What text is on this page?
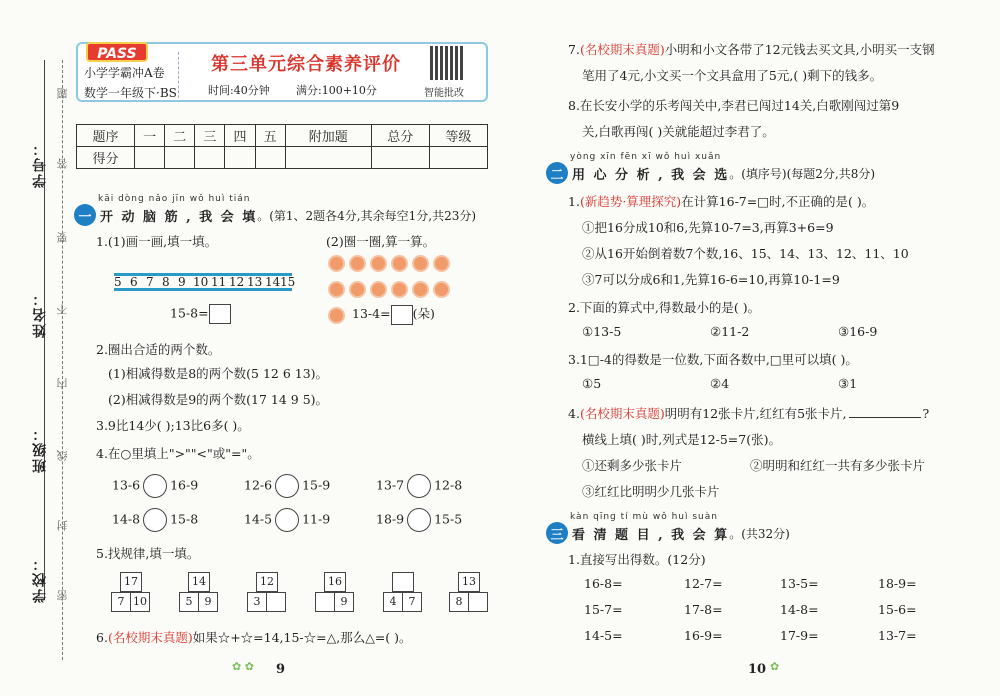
学校：
班级：
姓名：
学号：
题
答
要
不
内
线
封
密
PASS
小学学霸冲A卷
数学一年级下·BS
第三单元综合素养评价
时间:40分钟 满分:100+10分	智能批改
题序	一	二	三	四	五	附加题	总分	等级
得分								
kāi dòng nǎo jīn wǒ huì tián
一 开 动 脑 筋 , 我 会 填 。(第1、2题各4分,其余每空1分,共23分)
1.(1)画一画,填一填。	(2)圈一圈,算一算。
5 6 7 8 9 10 11 12 13 14 15

15-8=	13-4= (朵)
2.圈出合适的两个数。
(1)相减得数是8的两个数(5 12 6 13)。
(2)相减得数是9的两个数(17 14 9 5)。
3.9比14少( );13比6多( )。
4.在○里填上">""<"或"="。
13-6 16-9	12-6 15-9	13-7 12-8
14-8 15-8	14-5 11-9	18-9 15-5
5.找规律,填一填。
17
7 10
14
5	9
12
3
16
9	4	7
13
8
6.(名校期末真题)如果☆+☆=14,15-☆=△,那么△=( )。
9
✿ ✿
7.(名校期末真题)小明和小文各带了12元钱去买文具,小明买一支钢
笔用了4元,小文买一个文具盒用了5元,( )剩下的钱多。
8.在长安小学的乐考闯关中,李君已闯过14关,白歌刚闯过第9
关,白歌再闯( )关就能超过李君了。
yòng xīn fēn xī wǒ huì xuǎn
二 用 心 分 析 , 我 会 选 。(填序号)(每题2分,共8分)
1.(新趋势·算理探究)在计算16-7=□时,不正确的是( )。
①把16分成10和6,先算10-7=3,再算3+6=9
②从16开始倒着数7个数,16、15、14、13、12、11、10
③7可以分成6和1,先算16-6=10,再算10-1=9
2.下面的算式中,得数最小的是( )。
①13-5	②11-2	③16-9
3.1□-4的得数是一位数,下面各数中,□里可以填( )。
①5	②4	③1
4.(名校期末真题)明明有12张卡片,红红有5张卡片,	?
横线上填( )时,列式是12-5=7(张)。
①还剩多少张卡片	②明明和红红一共有多少张卡片
③红红比明明少几张卡片
kàn qīng tí mù wǒ huì suàn
三 看 清 题 目 , 我 会 算 。(共32分)
1.直接写出得数。(12分)
16-8=	12-7=	13-5=	18-9=
15-7=	17-8=	14-8=	15-6=
14-5=	16-9=	17-9=	13-7=
10 ✿
